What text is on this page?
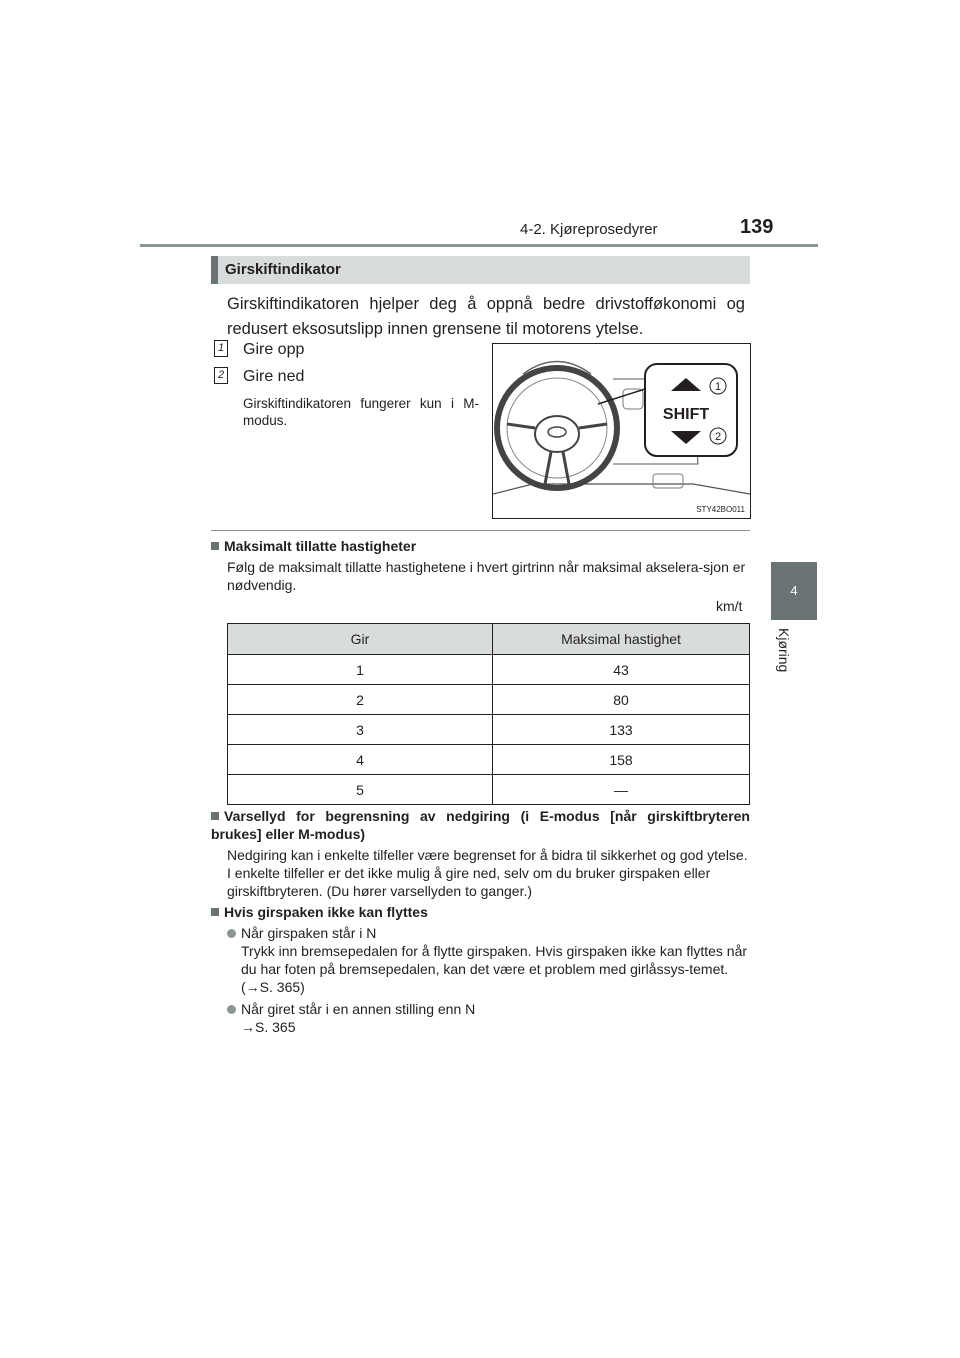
4-2. Kjøreprosedyrer	139
4
Kjøring
Girskiftindikator
Girskiftindikatoren hjelper deg å oppnå bedre drivstofføkonomi og redusert eksosutslipp innen grensene til motorens ytelse.
1 Gire opp
2 Gire ned
Girskiftindikatoren fungerer kun i M-modus.	SHIFT
1
2
STY42BO011
Maksimalt tillatte hastigheter
Følg de maksimalt tillatte hastighetene i hvert girtrinn når maksimal akselera-sjon er nødvendig.
km/t
Gir	Maksimal hastighet
1	43
2	80
3	133
4	158
5	—
Varsellyd for begrensning av nedgiring (i E-modus [når girskiftbryteren brukes] eller M-modus)
Nedgiring kan i enkelte tilfeller være begrenset for å bidra til sikkerhet og god ytelse. I enkelte tilfeller er det ikke mulig å gire ned, selv om du bruker girspaken eller girskiftbryteren. (Du hører varsellyden to ganger.)
Hvis girspaken ikke kan flyttes
Når girspaken står i N
Trykk inn bremsepedalen for å flytte girspaken. Hvis girspaken ikke kan flyttes når du har foten på bremsepedalen, kan det være et problem med girlåssys-temet. (→S. 365)
Når giret står i en annen stilling enn N
→S. 365
